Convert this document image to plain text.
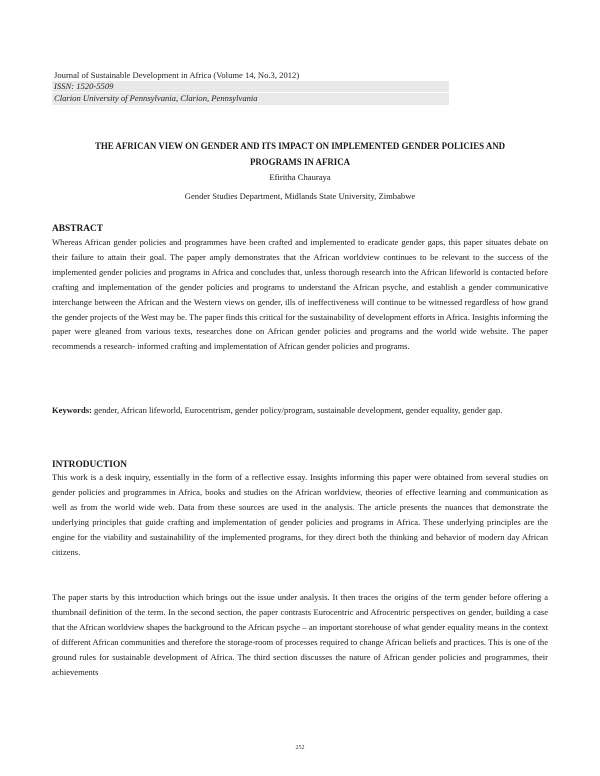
Journal of Sustainable Development in Africa (Volume 14, No.3, 2012)
ISSN: 1520-5509
Clarion University of Pennsylvania, Clarion, Pennsylvania
THE AFRICAN VIEW ON GENDER AND ITS IMPACT ON IMPLEMENTED GENDER POLICIES AND
PROGRAMS IN AFRICA
Efiritha Chauraya
Gender Studies Department, Midlands State University, Zimbabwe
ABSTRACT
Whereas African gender policies and programmes have been crafted and implemented to eradicate gender gaps, this paper situates debate on their failure to attain their goal. The paper amply demonstrates that the African worldview continues to be relevant to the success of the implemented gender policies and programs in Africa and concludes that, unless thorough research into the African lifeworld is contacted before crafting and implementation of the gender policies and programs to understand the African psyche, and establish a gender communicative interchange between the African and the Western views on gender, ills of ineffectiveness will continue to be witnessed regardless of how grand the gender projects of the West may be. The paper finds this critical for the sustainability of development efforts in Africa. Insights informing the paper were gleaned from various texts, researches done on African gender policies and programs and the world wide website. The paper recommends a research- informed crafting and implementation of African gender policies and programs.
Keywords: gender, African lifeworld, Eurocentrism, gender policy/program, sustainable development, gender equality, gender gap.
INTRODUCTION
This work is a desk inquiry, essentially in the form of a reflective essay. Insights informing this paper were obtained from several studies on gender policies and programmes in Africa, books and studies on the African worldview, theories of effective learning and communication as well as from the world wide web. Data from these sources are used in the analysis. The article presents the nuances that demonstrate the underlying principles that guide crafting and implementation of gender policies and programs in Africa. These underlying principles are the engine for the viability and sustainability of the implemented programs, for they direct both the thinking and behavior of modern day African citizens.
The paper starts by this introduction which brings out the issue under analysis. It then traces the origins of the term gender before offering a thumbnail definition of the term. In the second section, the paper contrasts Eurocentric and Afrocentric perspectives on gender, building a case that the African worldview shapes the background to the African psyche – an important storehouse of what gender equality means in the context of different African communities and therefore the storage-room of processes required to change African beliefs and practices. This is one of the ground rules for sustainable development of Africa. The third section discusses the nature of African gender policies and programmes, their achievements
252
